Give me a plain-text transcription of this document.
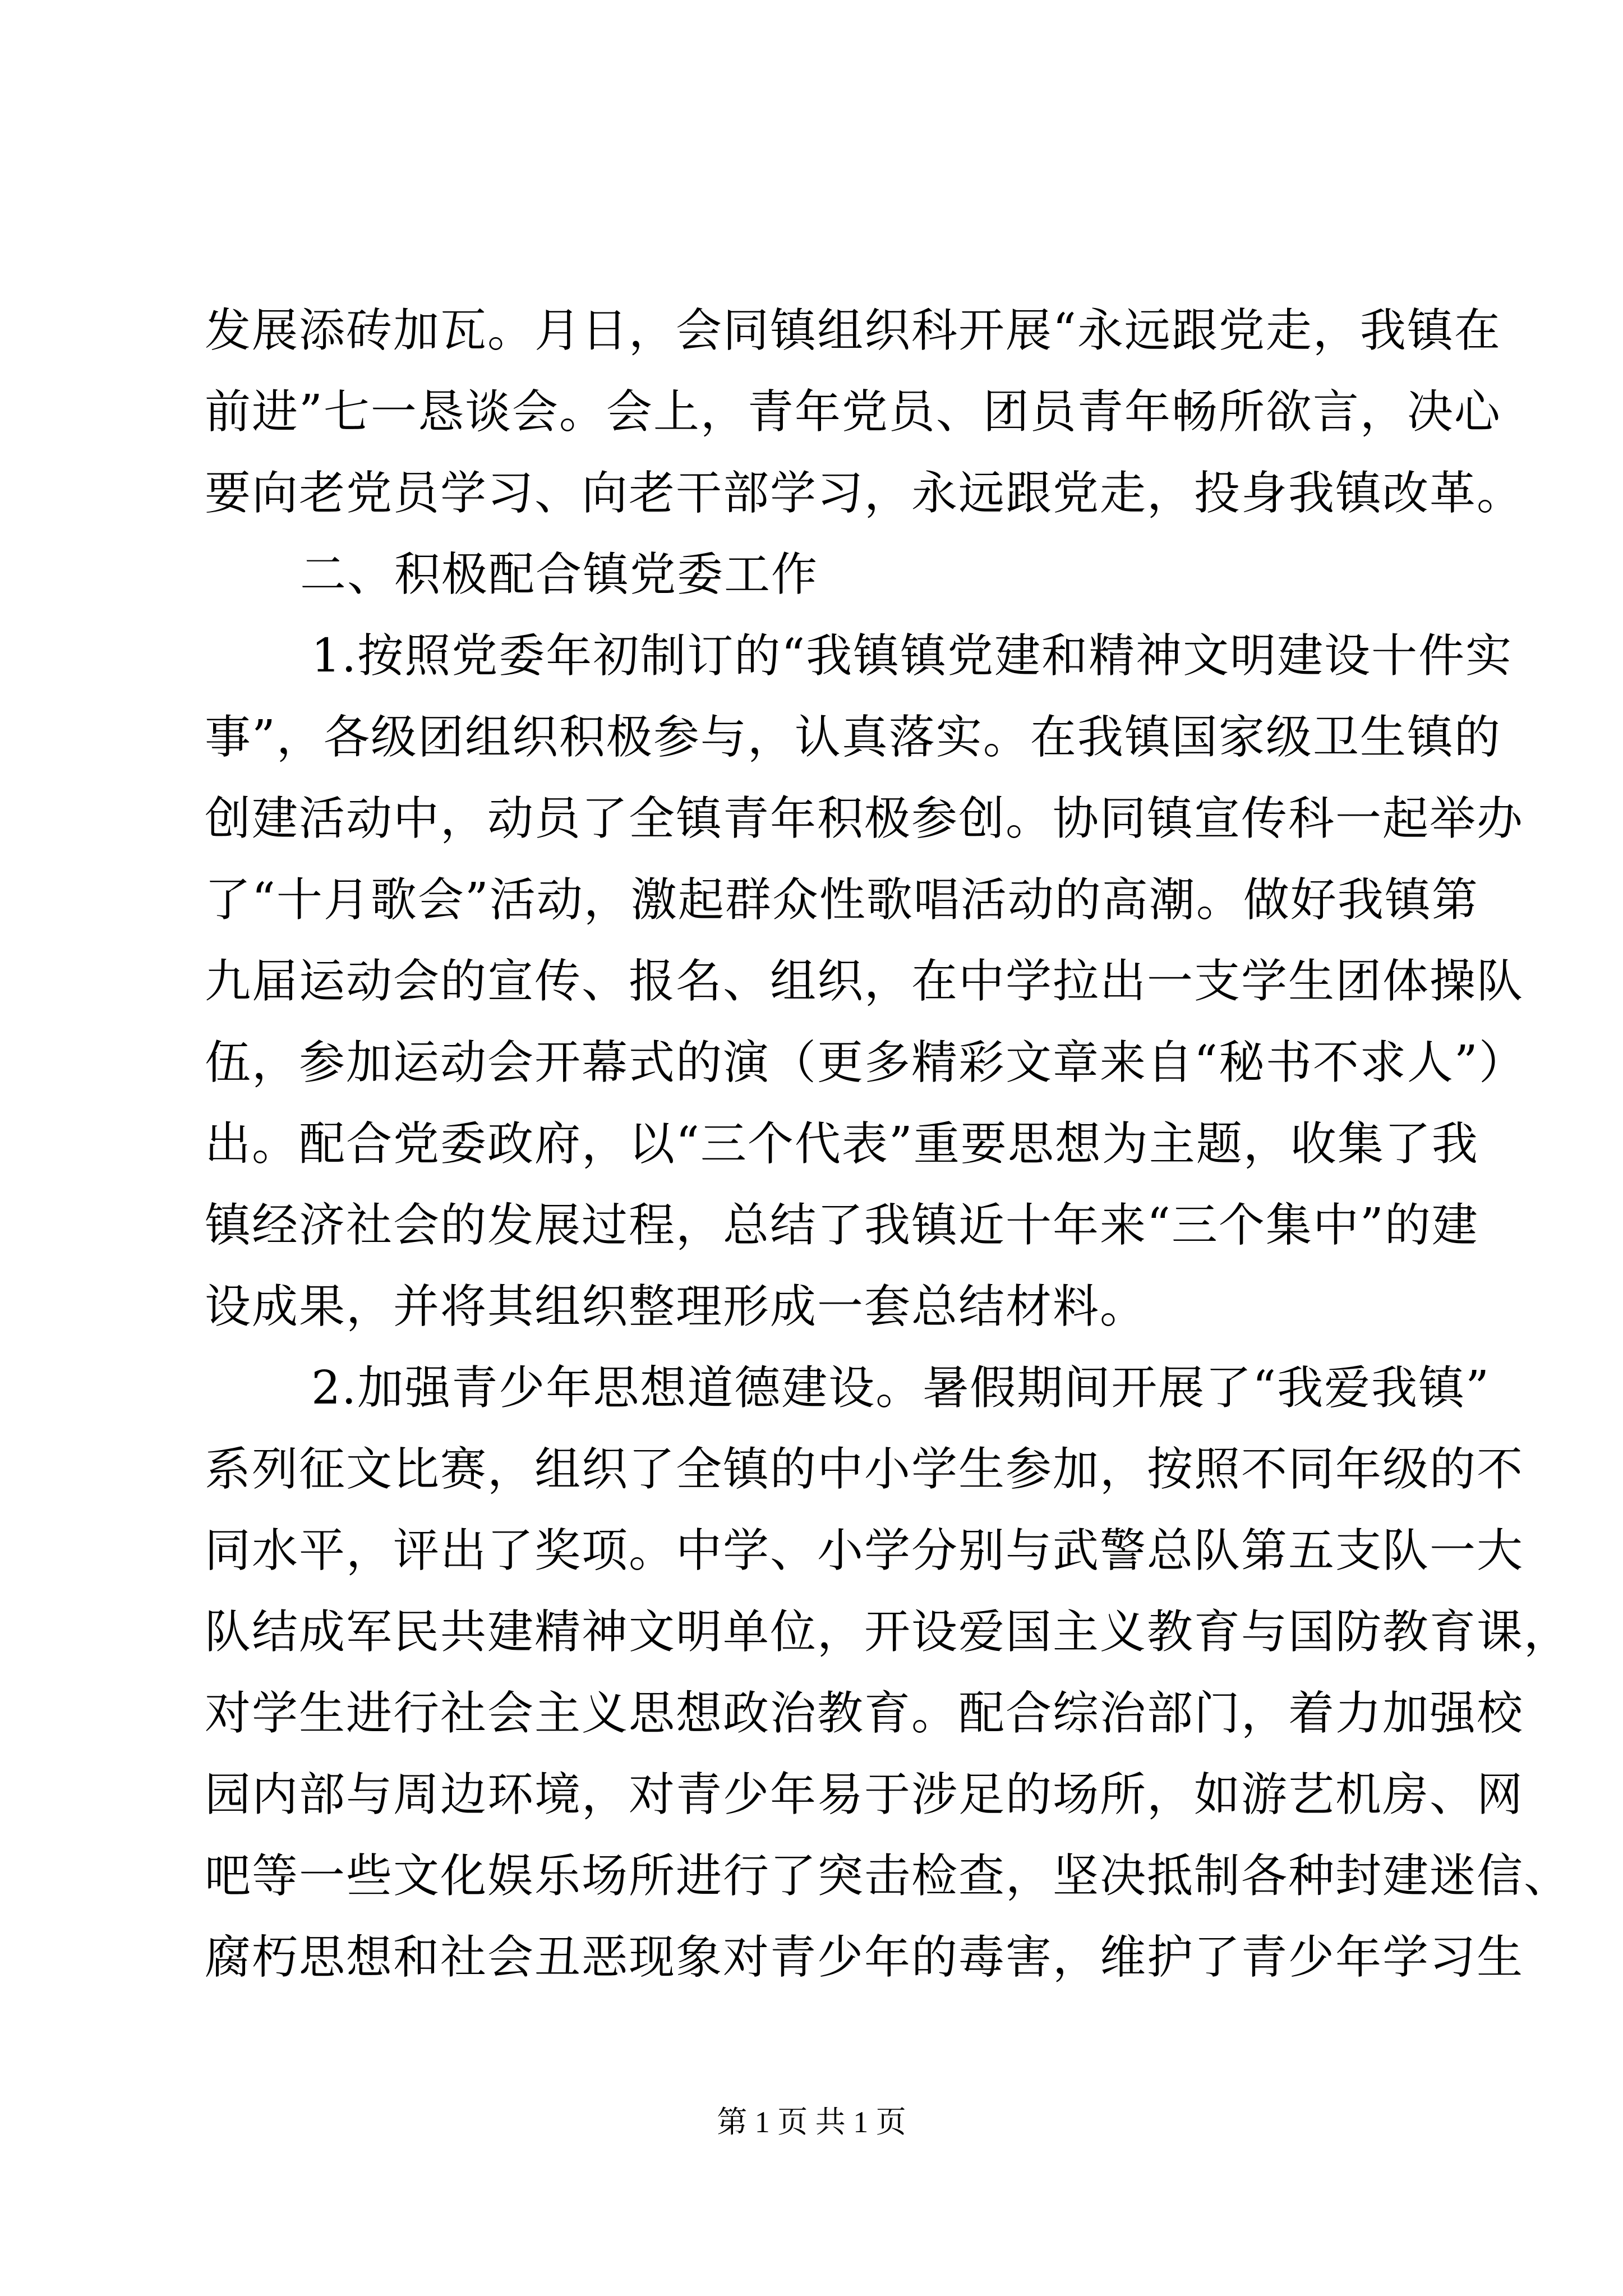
发展添砖加瓦。月日，会同镇组织科开展“永远跟党走，我镇在
前进”七一恳谈会。会上，青年党员、团员青年畅所欲言，决心
要向老党员学习、向老干部学习，永远跟党走，投身我镇改革。
二、积极配合镇党委工作
1.按照党委年初制订的“我镇镇党建和精神文明建设十件实
事”，各级团组织积极参与，认真落实。在我镇国家级卫生镇的
创建活动中，动员了全镇青年积极参创。协同镇宣传科一起举办
了“十月歌会”活动，激起群众性歌唱活动的高潮。做好我镇第
九届运动会的宣传、报名、组织，在中学拉出一支学生团体操队
伍，参加运动会开幕式的演（更多精彩文章来自“秘书不求人”）
出。配合党委政府，以“三个代表”重要思想为主题，收集了我
镇经济社会的发展过程，总结了我镇近十年来“三个集中”的建
设成果，并将其组织整理形成一套总结材料。
2.加强青少年思想道德建设。暑假期间开展了“我爱我镇”
系列征文比赛，组织了全镇的中小学生参加，按照不同年级的不
同水平，评出了奖项。中学、小学分别与武警总队第五支队一大
队结成军民共建精神文明单位，开设爱国主义教育与国防教育课，
对学生进行社会主义思想政治教育。配合综治部门，着力加强校
园内部与周边环境，对青少年易于涉足的场所，如游艺机房、网
吧等一些文化娱乐场所进行了突击检查，坚决抵制各种封建迷信、
腐朽思想和社会丑恶现象对青少年的毒害，维护了青少年学习生
第 1 页 共 1 页
